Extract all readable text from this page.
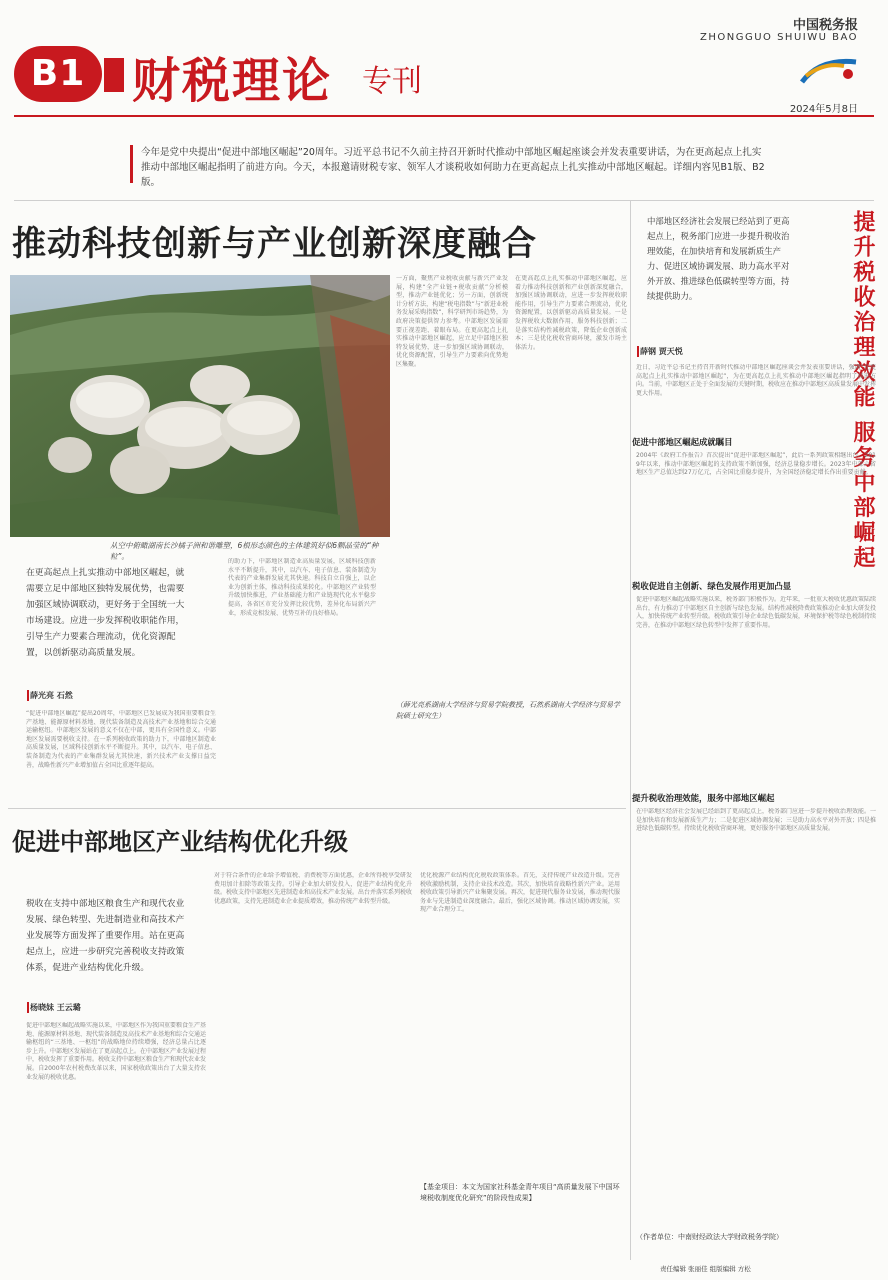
B1 财税理论 专刊
中国税务报
ZHONGGUO SHUIWU BAO
2024年5月8日
今年是党中央提出“促进中部地区崛起”20周年。习近平总书记不久前主持召开新时代推动中部地区崛起座谈会并发表重要讲话，为在更高起点上扎实推动中部地区崛起指明了前进方向。今天，本报邀请财税专家、领军人才谈税收如何助力在更高起点上扎实推动中部地区崛起。详细内容见B1版、B2版。
推动科技创新与产业创新深度融合
从空中俯瞰湖南长沙橘子洲和谐雕塑，6根形态颜色的主体建筑好似6颗晶莹的“种粒”。
的助力下，中部地区制造业高质量发展，区域科技创新水平不断提升，其中，以汽车、电子信息、装备制造为代表的产业集群发展尤其快速。科技自立自强上，以企业为创新主体，推动科技成果转化。中部地区产业转型升级加快推进，产业基础能力和产业链现代化水平稳步提高，各省区市充分发挥比较优势，差异化布局新兴产业，形成竞相发展、优势互补的良好格局。
一方面，聚焦产业税收贡献与新兴产业发展，构建“全产业链+税收贡献”分析模型，推动产业链优化；另一方面，创新统计分析方法，构建“税电指数”与“新进业税务发展采购指数”，科学研判市场趋势，为政府决策提供智力参考。中部地区发展需要正视差距、着眼布局。在更高起点上扎实推动中部地区崛起，应立足中部地区独特发展优势，进一步加强区域协调联动，优化资源配置，引导生产力要素向优势地区集聚。
在更高起点上扎实推动中部地区崛起，应着力推动科技创新和产业创新深度融合，加强区域协调联动，应进一步发挥税收职能作用，引导生产力要素合理流动，优化资源配置，以创新驱动高质量发展。一是发挥税收大数据作用，服务科技创新；二是落实结构性减税政策，降低企业创新成本；三是优化税收营商环境，激发市场主体活力。
（薛光亮系湖南大学经济与贸易学院教授，石然系湖南大学经济与贸易学院硕士研究生）
在更高起点上扎实推动中部地区崛起，就需要立足中部地区独特发展优势，也需要加强区域协调联动，更好务于全国统一大市场建设。应进一步发挥税收职能作用，引导生产力要素合理流动，优化资源配置，以创新驱动高质量发展。
薛光亮 石然
“促进中部地区崛起”提出20周年，中部地区已发展成为我国重要粮食生产基地、能源原材料基地、现代装备制造及高技术产业基地和综合交通运输枢纽。中部地区发展的意义不仅在中部，更具有全国性意义。中部地区发展需要税收支持。在一系列税收政策的助力下，中部地区制造业高质量发展，区域科技创新水平不断提升。其中，以汽车、电子信息、装备制造为代表的产业集群发展尤其快速，新兴技术产业支撑日益完善，战略性新兴产业增加值占全国比重逐年提高。
促进中部地区产业结构优化升级
税收在支持中部地区粮食生产和现代农业发展、绿色转型、先进制造业和高技术产业发展等方面发挥了重要作用。站在更高起点上，应进一步研究完善税收支持政策体系，促进产业结构优化升级。
杨晓妹 王云璐
促进中部地区崛起战略实施以来，中部地区作为我国重要粮食生产基地、能源原材料基地、现代装备制造及高技术产业基地和综合交通运输枢纽的“三基地、一枢纽”的战略地位持续增强，经济总量占比逐步上升。中部地区发展站在了更高起点上。在中部地区产业发展过程中，税收发挥了重要作用。税收支持中部地区粮食生产和现代农业发展。自2000年农村税费改革以来，国家税收政策出台了大量支持农业发展的税收优惠。
对于符合条件的企业给予增值税、消费税等方面优惠，企业所得税享受研发费用加计扣除等政策支持。引导企业加大研发投入，促进产业结构优化升级。税收支持中部地区先进制造业和高技术产业发展。出台并落实系列税收优惠政策，支持先进制造业企业提质增效，推动传统产业转型升级。
优化税源产业结构优化税收政策体系。首先，支持传统产业改造升级。完善税收激励机制，支持企业技术改造。其次，加快培育战略性新兴产业。运用税收政策引导新兴产业集聚发展。再次，促进现代服务业发展，推动现代服务业与先进制造业深度融合。最后，强化区域协调。推动区域协调发展，实现产业合理分工。
【基金项目：本文为国家社科基金青年项目“高质量发展下中国环境税收制度优化研究”的阶段性成果】
中部地区经济社会发展已经站到了更高起点上，税务部门应进一步提升税收治理效能，在加快培育和发展新质生产力、促进区域协调发展、助力高水平对外开放、推进绿色低碳转型等方面，持续提供助力。	提升税收治理效能 服务中部崛起
薛钢 贾天悦
近日，习近平总书记主持召开新时代推动中部地区崛起座谈会并发表重要讲话，强调“在更高起点上扎实推动中部地区崛起”，为在更高起点上扎实推动中部地区崛起指明了前进方向。当前，中部地区正处于全面发展的关键时期，税收应在推动中部地区高质量发展中发挥更大作用。
促进中部地区崛起成就瞩目
2004年《政府工作报告》首次提出“促进中部地区崛起”，此后一系列政策相继出台。2019年以来，推动中部地区崛起的支持政策不断加强，经济总量稳步增长。2023年中部六省地区生产总值达到27万亿元，占全国比重稳步提升，为全国经济稳定增长作出重要贡献。
税收促进自主创新、绿色发展作用更加凸显
促进中部地区崛起战略实施以来，税务部门积极作为。近年来，一批重大税收优惠政策陆续出台，有力推动了中部地区自主创新与绿色发展。结构性减税降费政策推动企业加大研发投入，加快传统产业转型升级。税收政策引导企业绿色低碳发展，环境保护税等绿色税制持续完善，在推动中部地区绿色转型中发挥了重要作用。
提升税收治理效能，服务中部地区崛起
在中部地区经济社会发展已经站到了更高起点上，税务部门应进一步提升税收治理效能。一是加快培育和发展新质生产力；二是促进区域协调发展；三是助力高水平对外开放；四是推进绿色低碳转型。持续优化税收营商环境，更好服务中部地区高质量发展。
（作者单位：中南财经政法大学财政税务学院）
责任编辑 张丽佳 组版编辑 方松
